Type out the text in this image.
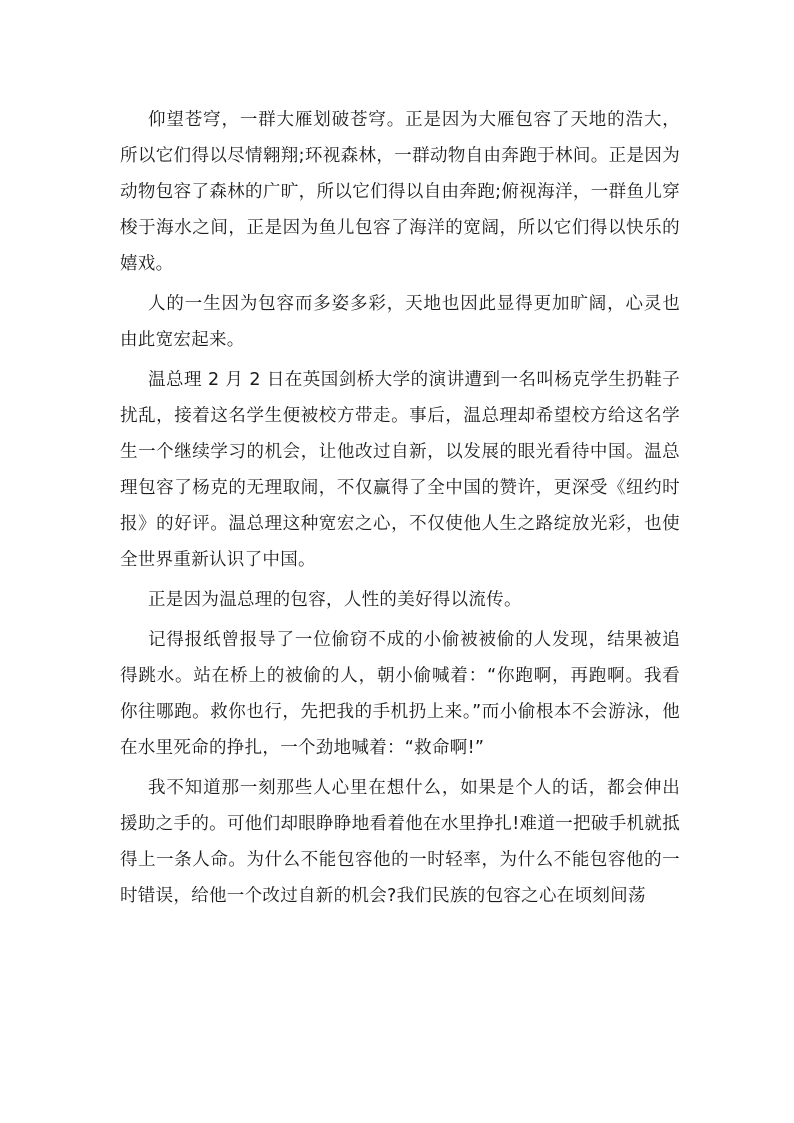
仰望苍穹，一群大雁划破苍穹。正是因为大雁包容了天地的浩大，所以它们得以尽情翱翔;环视森林，一群动物自由奔跑于林间。正是因为动物包容了森林的广旷，所以它们得以自由奔跑;俯视海洋，一群鱼儿穿梭于海水之间，正是因为鱼儿包容了海洋的宽阔，所以它们得以快乐的嬉戏。

人的一生因为包容而多姿多彩，天地也因此显得更加旷阔，心灵也由此宽宏起来。

温总理 2 月 2 日在英国剑桥大学的演讲遭到一名叫杨克学生扔鞋子扰乱，接着这名学生便被校方带走。事后，温总理却希望校方给这名学生一个继续学习的机会，让他改过自新，以发展的眼光看待中国。温总理包容了杨克的无理取闹，不仅赢得了全中国的赞许，更深受《纽约时报》的好评。温总理这种宽宏之心，不仅使他人生之路绽放光彩，也使全世界重新认识了中国。

正是因为温总理的包容，人性的美好得以流传。

记得报纸曾报导了一位偷窃不成的小偷被被偷的人发现，结果被追得跳水。站在桥上的被偷的人，朝小偷喊着：“你跑啊，再跑啊。我看你往哪跑。救你也行，先把我的手机扔上来。”而小偷根本不会游泳，他在水里死命的挣扎，一个劲地喊着：“救命啊!”

我不知道那一刻那些人心里在想什么，如果是个人的话，都会伸出援助之手的。可他们却眼睁睁地看着他在水里挣扎!难道一把破手机就抵得上一条人命。为什么不能包容他的一时轻率，为什么不能包容他的一时错误，给他一个改过自新的机会?我们民族的包容之心在顷刻间荡
